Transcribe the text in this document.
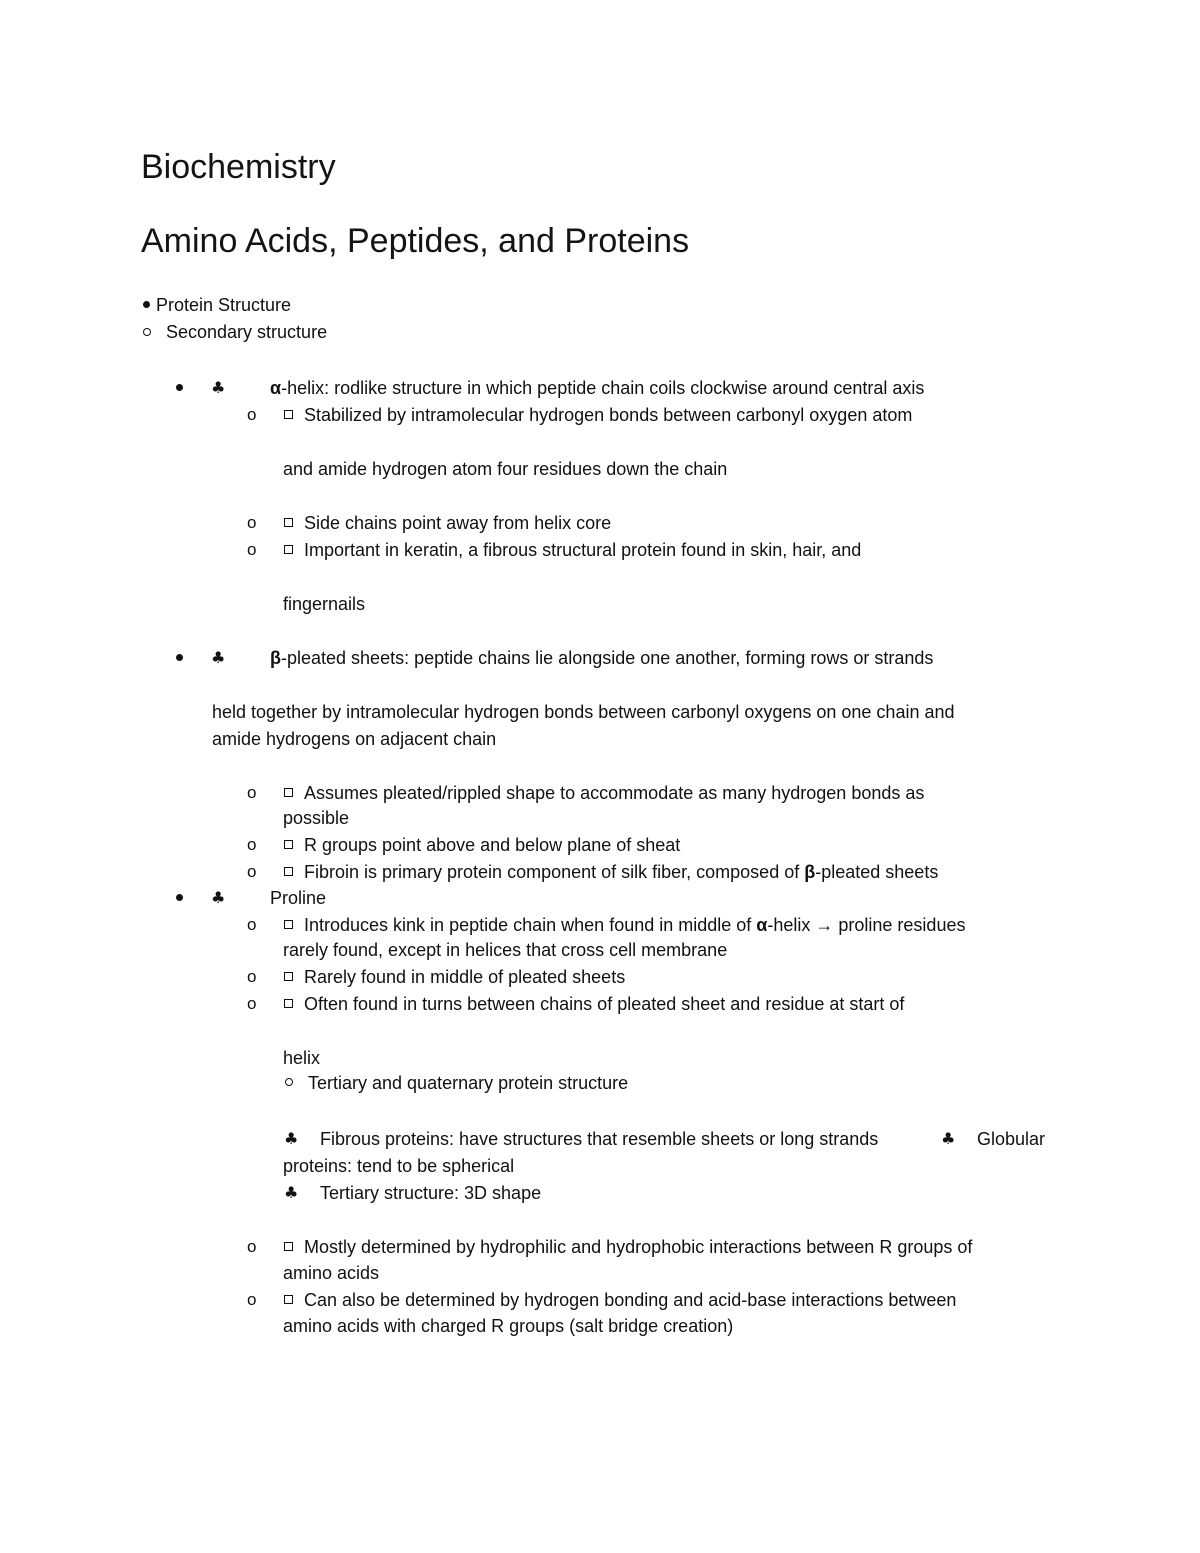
Biochemistry
Amino Acids, Peptides, and Proteins
Protein Structure
Secondary structure
♣ α-helix: rodlike structure in which peptide chain coils clockwise around central axis
o	Stabilized by intramolecular hydrogen bonds between carbonyl oxygen atom
and amide hydrogen atom four residues down the chain
o	Side chains point away from helix core
o	Important in keratin, a fibrous structural protein found in skin, hair, and
fingernails
♣ β-pleated sheets: peptide chains lie alongside one another, forming rows or strands
held together by intramolecular hydrogen bonds between carbonyl oxygens on one chain and
amide hydrogens on adjacent chain
o	Assumes pleated/rippled shape to accommodate as many hydrogen bonds as
possible
o	R groups point above and below plane of sheat
o	Fibroin is primary protein component of silk fiber, composed of β-pleated sheets
♣ Proline
o	Introduces kink in peptide chain when found in middle of α-helix → proline residues
rarely found, except in helices that cross cell membrane
o	Rarely found in middle of pleated sheets
o	Often found in turns between chains of pleated sheet and residue at start of
helix
Tertiary and quaternary protein structure
♣ Fibrous proteins: have structures that resemble sheets or long strands	♣ Globular
proteins: tend to be spherical
♣ Tertiary structure: 3D shape
o	Mostly determined by hydrophilic and hydrophobic interactions between R groups of
amino acids
o	Can also be determined by hydrogen bonding and acid-base interactions between
amino acids with charged R groups (salt bridge creation)
